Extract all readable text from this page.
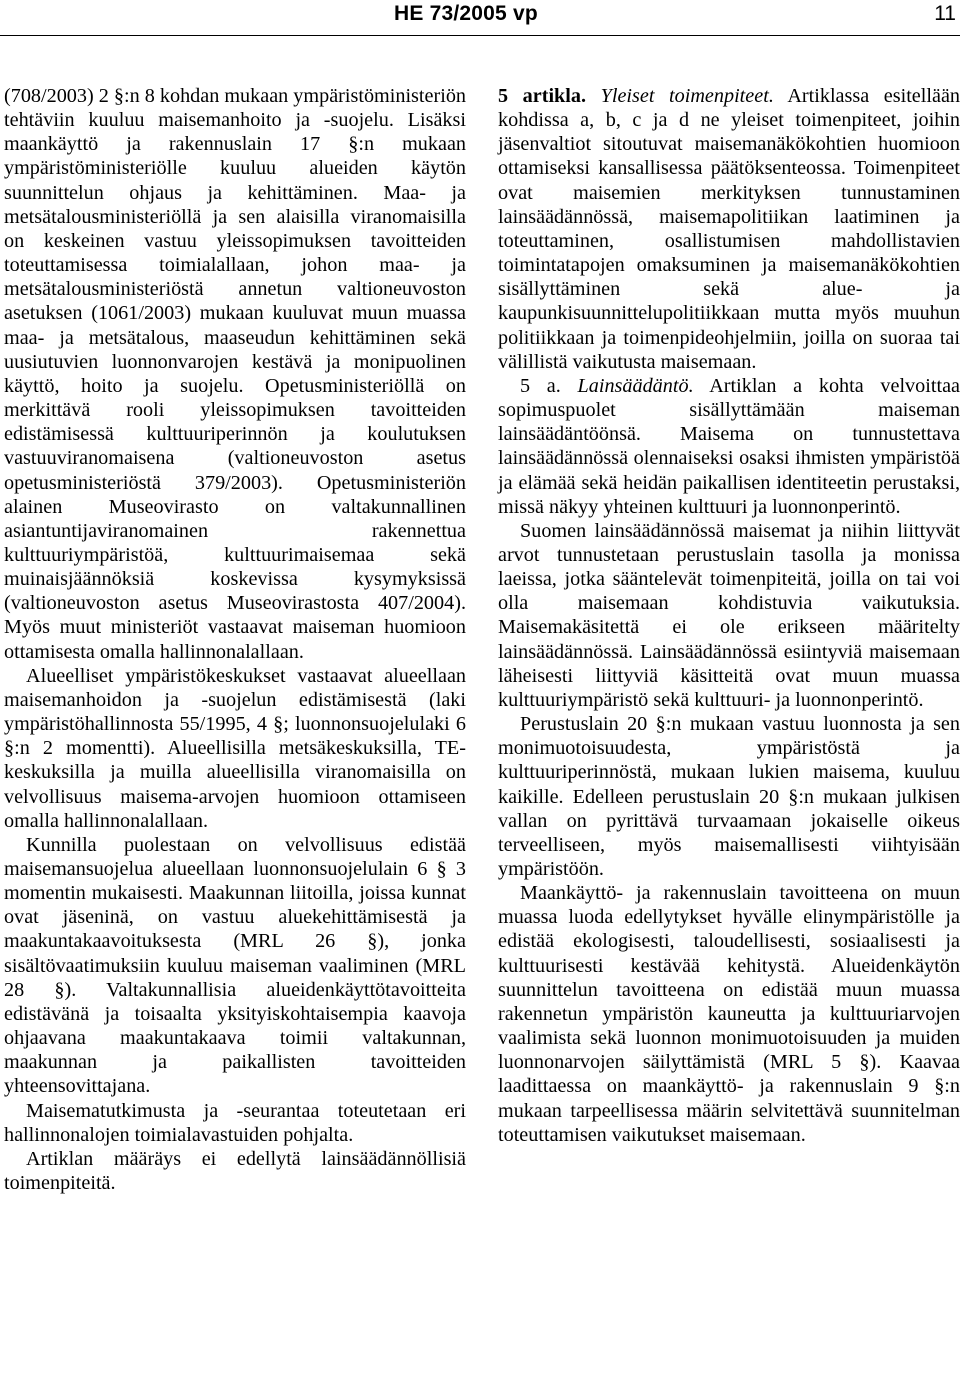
HE 73/2005 vp	11

(708/2003) 2 §:n 8 kohdan mukaan ympäristöministeriön tehtäviin kuuluu maisemanhoito ja -suojelu. Lisäksi maankäyttö ja rakennuslain 17 §:n mukaan ympäristöministeriölle kuuluu alueiden käytön suunnittelun ohjaus ja kehittäminen. Maa- ja metsätalousministeriöllä ja sen alaisilla viranomaisilla on keskeinen vastuu yleissopimuksen tavoitteiden toteuttamisessa toimialallaan, johon maa- ja metsätalousministeriöstä annetun valtioneuvoston asetuksen (1061/2003) mukaan kuuluvat muun muassa maa- ja metsätalous, maaseudun kehittäminen sekä uusiutuvien luonnonvarojen kestävä ja monipuolinen käyttö, hoito ja suojelu. Opetusministeriöllä on merkittävä rooli yleissopimuksen tavoitteiden edistämisessä kulttuuriperinnön ja koulutuksen vastuuviranomaisena (valtioneuvoston asetus opetusministeriöstä 379/2003). Opetusministeriön alainen Museovirasto on valtakunnallinen asiantuntijaviranomainen rakennettua kulttuuriympäristöä, kulttuurimaisemaa sekä muinaisjäännöksiä koskevissa kysymyksissä (valtioneuvoston asetus Museovirastosta 407/2004). Myös muut ministeriöt vastaavat maiseman huomioon ottamisesta omalla hallinnonalallaan.

Alueelliset ympäristökeskukset vastaavat alueellaan maisemanhoidon ja -suojelun edistämisestä (laki ympäristöhallinnosta 55/1995, 4 §; luonnonsuojelulaki 6 §:n 2 momentti). Alueellisilla metsäkeskuksilla, TE-keskuksilla ja muilla alueellisilla viranomaisilla on velvollisuus maisema-arvojen huomioon ottamiseen omalla hallinnonalallaan.

Kunnilla puolestaan on velvollisuus edistää maisemansuojelua alueellaan luonnonsuojelulain 6 § 3 momentin mukaisesti. Maakunnan liitoilla, joissa kunnat ovat jäseninä, on vastuu aluekehittämisestä ja maakuntakaavoituksesta (MRL 26 §), jonka sisältövaatimuksiin kuuluu maiseman vaaliminen (MRL 28 §). Valtakunnallisia alueidenkäyttötavoitteita edistävänä ja toisaalta yksityiskohtaisempia kaavoja ohjaavana maakuntakaava toimii valtakunnan, maakunnan ja paikallisten tavoitteiden yhteensovittajana.

Maisematutkimusta ja -seurantaa toteutetaan eri hallinnonalojen toimialavastuiden pohjalta.

Artiklan määräys ei edellytä lainsäädännöllisiä toimenpiteitä.

5 artikla. Yleiset toimenpiteet. Artiklassa esitellään kohdissa a, b, c ja d ne yleiset toimenpiteet, joihin jäsenvaltiot sitoutuvat maisemanäkökohtien huomioon ottamiseksi kansallisessa päätöksenteossa. Toimenpiteet ovat maisemien merkityksen tunnustaminen lainsäädännössä, maisemapolitiikan laatiminen ja toteuttaminen, osallistumisen mahdollistavien toimintatapojen omaksuminen ja maisemanäkökohtien sisällyttäminen sekä alue- ja kaupunkisuunnittelupolitiikkaan mutta myös muuhun politiikkaan ja toimenpideohjelmiin, joilla on suoraa tai välillistä vaikutusta maisemaan.

5 a. Lainsäädäntö. Artiklan a kohta velvoittaa sopimuspuolet sisällyttämään maiseman lainsäädäntöönsä. Maisema on tunnustettava lainsäädännössä olennaiseksi osaksi ihmisten ympäristöä ja elämää sekä heidän paikallisen identiteetin perustaksi, missä näkyy yhteinen kulttuuri ja luonnonperintö.

Suomen lainsäädännössä maisemat ja niihin liittyvät arvot tunnustetaan perustuslain tasolla ja monissa laeissa, jotka sääntelevät toimenpiteitä, joilla on tai voi olla maisemaan kohdistuvia vaikutuksia. Maisemakäsitettä ei ole erikseen määritelty lainsäädännössä. Lainsäädännössä esiintyviä maisemaan läheisesti liittyviä käsitteitä ovat muun muassa kulttuuriympäristö sekä kulttuuri- ja luonnonperintö.

Perustuslain 20 §:n mukaan vastuu luonnosta ja sen monimuotoisuudesta, ympäristöstä ja kulttuuriperinnöstä, mukaan lukien maisema, kuuluu kaikille. Edelleen perustuslain 20 §:n mukaan julkisen vallan on pyrittävä turvaamaan jokaiselle oikeus terveelliseen, myös maisemallisesti viihtyisään ympäristöön.

Maankäyttö- ja rakennuslain tavoitteena on muun muassa luoda edellytykset hyvälle elinympäristölle ja edistää ekologisesti, taloudellisesti, sosiaalisesti ja kulttuurisesti kestävää kehitystä. Alueidenkäytön suunnittelun tavoitteena on edistää muun muassa rakennetun ympäristön kauneutta ja kulttuuriarvojen vaalimista sekä luonnon monimuotoisuuden ja muiden luonnonarvojen säilyttämistä (MRL 5 §). Kaavaa laadittaessa on maankäyttö- ja rakennuslain 9 §:n mukaan tarpeellisessa määrin selvitettävä suunnitelman toteuttamisen vaikutukset maisemaan.
